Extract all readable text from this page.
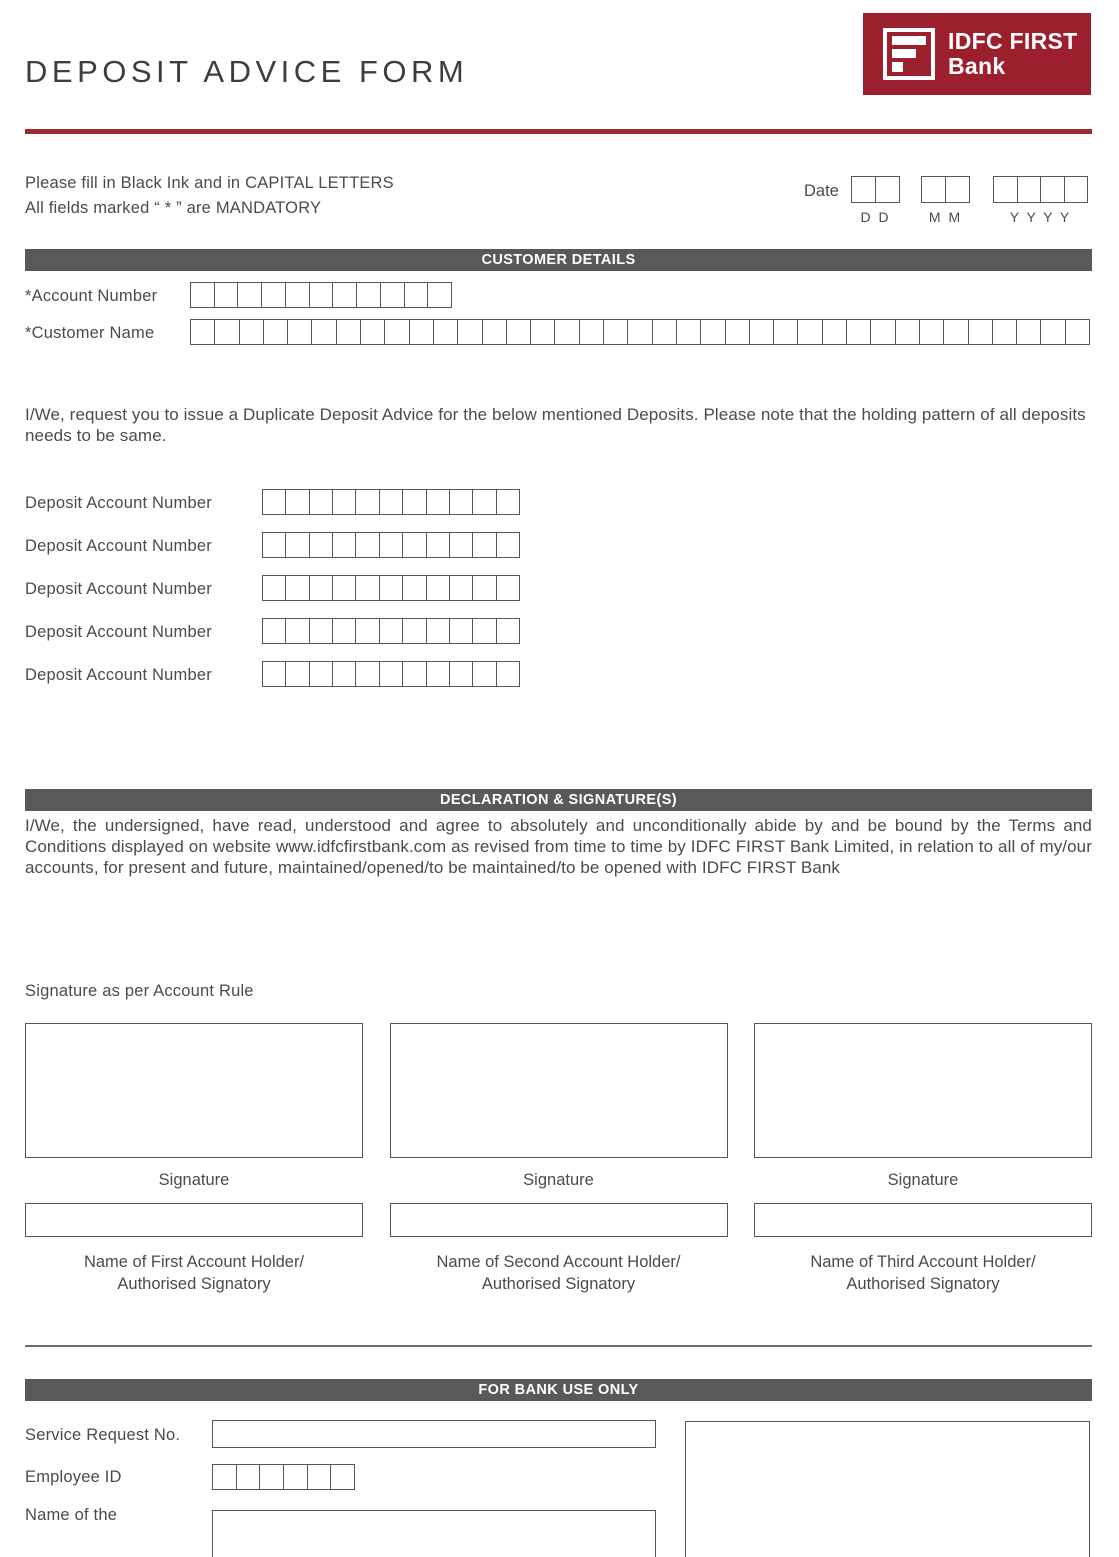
DEPOSIT ADVICE FORM
IDFC FIRST
Bank
Please fill in Black Ink and in CAPITAL LETTERS
All fields marked “ * ” are MANDATORY
Date
D D	M M	Y Y Y Y
CUSTOMER DETAILS
*Account Number
*Customer Name
I/We, request you to issue a Duplicate Deposit Advice for the below mentioned Deposits. Please note that the holding pattern of all deposits needs to be same.
Deposit Account Number
Deposit Account Number
Deposit Account Number
Deposit Account Number
Deposit Account Number
DECLARATION & SIGNATURE(S)
I/We, the undersigned, have read, understood and agree to absolutely and unconditionally abide by and be bound by the Terms and Conditions displayed on website www.idfcfirstbank.com as revised from time to time by IDFC FIRST Bank Limited, in relation to all of my/our accounts, for present and future, maintained/opened/to be maintained/to be opened with IDFC FIRST Bank
Signature as per Account Rule
Signature
Name of First Account Holder/
Authorised Signatory
Signature
Name of Second Account Holder/
Authorised Signatory
Signature
Name of Third Account Holder/
Authorised Signatory
FOR BANK USE ONLY
Service Request No.
Employee ID
Name of the
